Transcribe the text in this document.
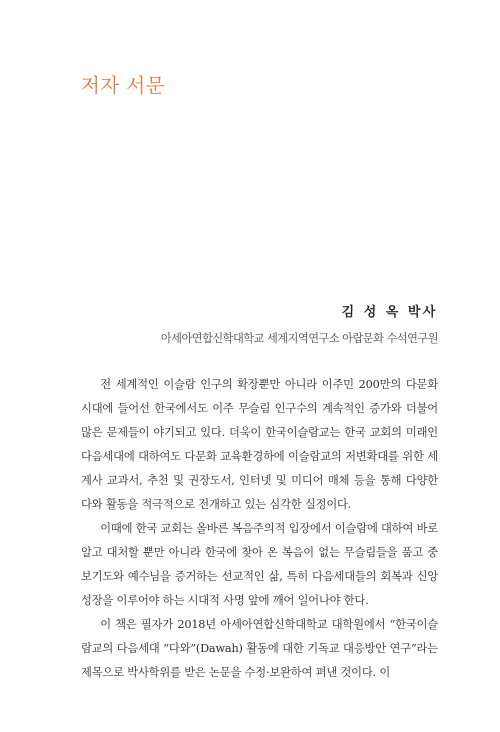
저자 서문

김 성 옥 박사

아세아연합신학대학교 세계지역연구소 아랍문화 수석연구원

전 세계적인 이슬람 인구의 확장뿐만 아니라 이주민 200만의 다문화 시대에 들어선 한국에서도 이주 무슬림 인구수의 계속적인 증가와 더불어 많은 문제들이 야기되고 있다. 더욱이 한국이슬람교는 한국 교회의 미래인 다음세대에 대하여도 다문화 교육환경하에 이슬람교의 저변확대를 위한 세계사 교과서, 추천 및 권장도서, 인터넷 및 미디어 매체 등을 통해 다양한 다와 활동을 적극적으로 전개하고 있는 심각한 실정이다.

이때에 한국 교회는 올바른 복음주의적 입장에서 이슬람에 대하여 바로 알고 대처할 뿐만 아니라 한국에 찾아 온 복음이 없는 무슬림들을 품고 중보기도와 예수님을 증거하는 선교적인 삶, 특히 다음세대들의 회복과 신앙성장을 이루어야 하는 시대적 사명 앞에 깨어 일어나야 한다.

이 책은 필자가 2018년 아세아연합신학대학교 대학원에서 “한국이슬람교의 다음세대 “다와”(Dawah) 활동에 대한 기독교 대응방안 연구”라는 제목으로 박사학위를 받은 논문을 수정·보완하여 펴낸 것이다. 이
